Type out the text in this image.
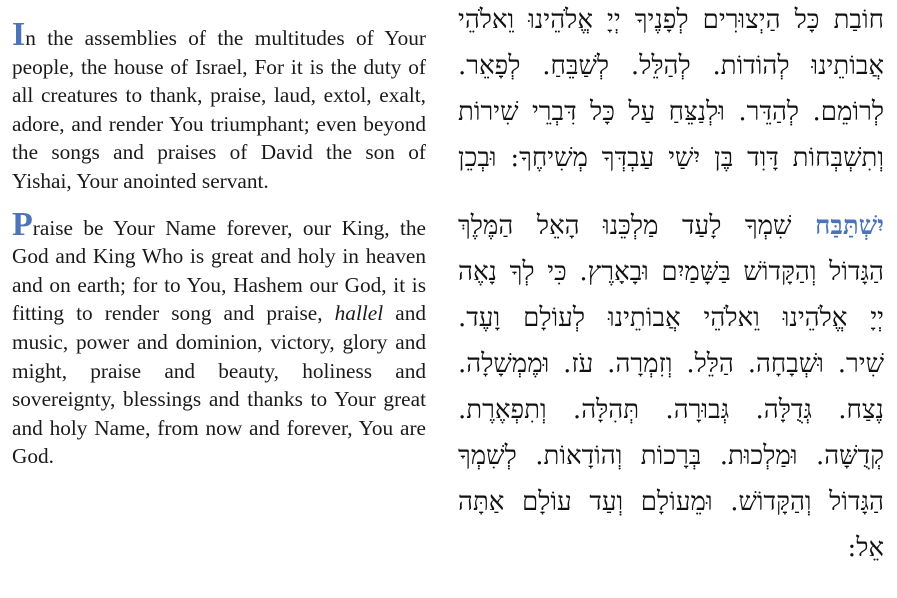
In the assemblies of the multitudes of Your people, the house of Israel, For it is the duty of all creatures to thank, praise, laud, extol, exalt, adore, and render You triumphant; even beyond the songs and praises of David the son of Yishai, Your anointed servant.

Praise be Your Name forever, our King, the God and King Who is great and holy in heaven and on earth; for to You, Hashem our God, it is fitting to render song and praise, hallel and music, power and dominion, victory, glory and might, praise and beauty, holiness and sovereignty, blessings and thanks to Your great and holy Name, from now and forever, You are God.

חוֹבַת כָּל הַיְצוּרִים לְפָנֶיךָ יְיָ אֱלֹהֵינוּ וֵאלֹהֵי
אֲבוֹתֵינוּ לְהוֹדוֹת. לְהַלֵּל. לְשַׁבֵּחַ. לְפָאֵר.
לְרוֹמֵם. לְהַדֵּר. וּלְנַצֵּחַ עַל כָּל דִּבְרֵי שִׁירוֹת
וְתִשְׁבְּחוֹת דָּוִד בֶּן יִשַׁי עַבְדְּךָ מְשִׁיחֶךָ: וּבְכֵן
יִשְׁתַּבַּח שִׁמְךָ לָעַד מַלְכֵּנוּ הָאֵל הַמֶּלֶךְ
הַגָּדוֹל וְהַקָּדוֹשׁ בַּשָּׁמַיִם וּבָאָרֶץ. כִּי לְךָ נָאֶה
יְיָ אֱלֹהֵינוּ וֵאלֹהֵי אֲבוֹתֵינוּ לְעוֹלָם וָעֶד.
שִׁיר. וּשְׁבָחָה. הַלֵּל. וְזִמְרָה. עֹז. וּמֶמְשָׁלָה.
נֶצַח. גְּדֻלָּה. גְּבוּרָה. תְּהִלָּה. וְתִפְאֶרֶת.
קְדֻשָּׁה. וּמַלְכוּת. בְּרָכוֹת וְהוֹדָאוֹת. לְשִׁמְךָ
הַגָּדוֹל וְהַקָּדוֹשׁ. וּמֵעוֹלָם וְעַד עוֹלָם אַתָּה
אֵל:
